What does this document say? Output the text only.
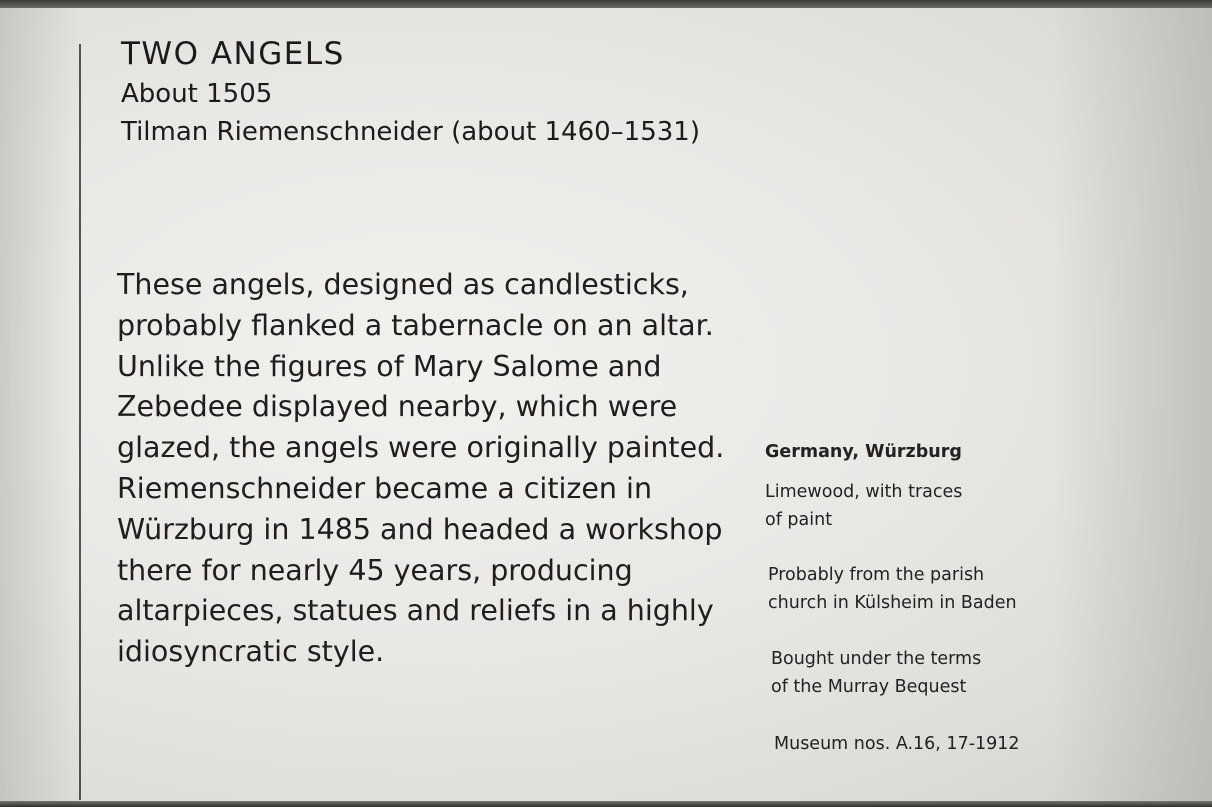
TWO ANGELS
About 1505
Tilman Riemenschneider (about 1460–1531)
These angels, designed as candlesticks,
probably flanked a tabernacle on an altar.
Unlike the figures of Mary Salome and
Zebedee displayed nearby, which were
glazed, the angels were originally painted.
Riemenschneider became a citizen in
Würzburg in 1485 and headed a workshop
there for nearly 45 years, producing
altarpieces, statues and reliefs in a highly
idiosyncratic style.
Germany, Würzburg
Limewood, with traces
of paint
Probably from the parish
church in Külsheim in Baden
Bought under the terms
of the Murray Bequest
Museum nos. A.16, 17-1912
